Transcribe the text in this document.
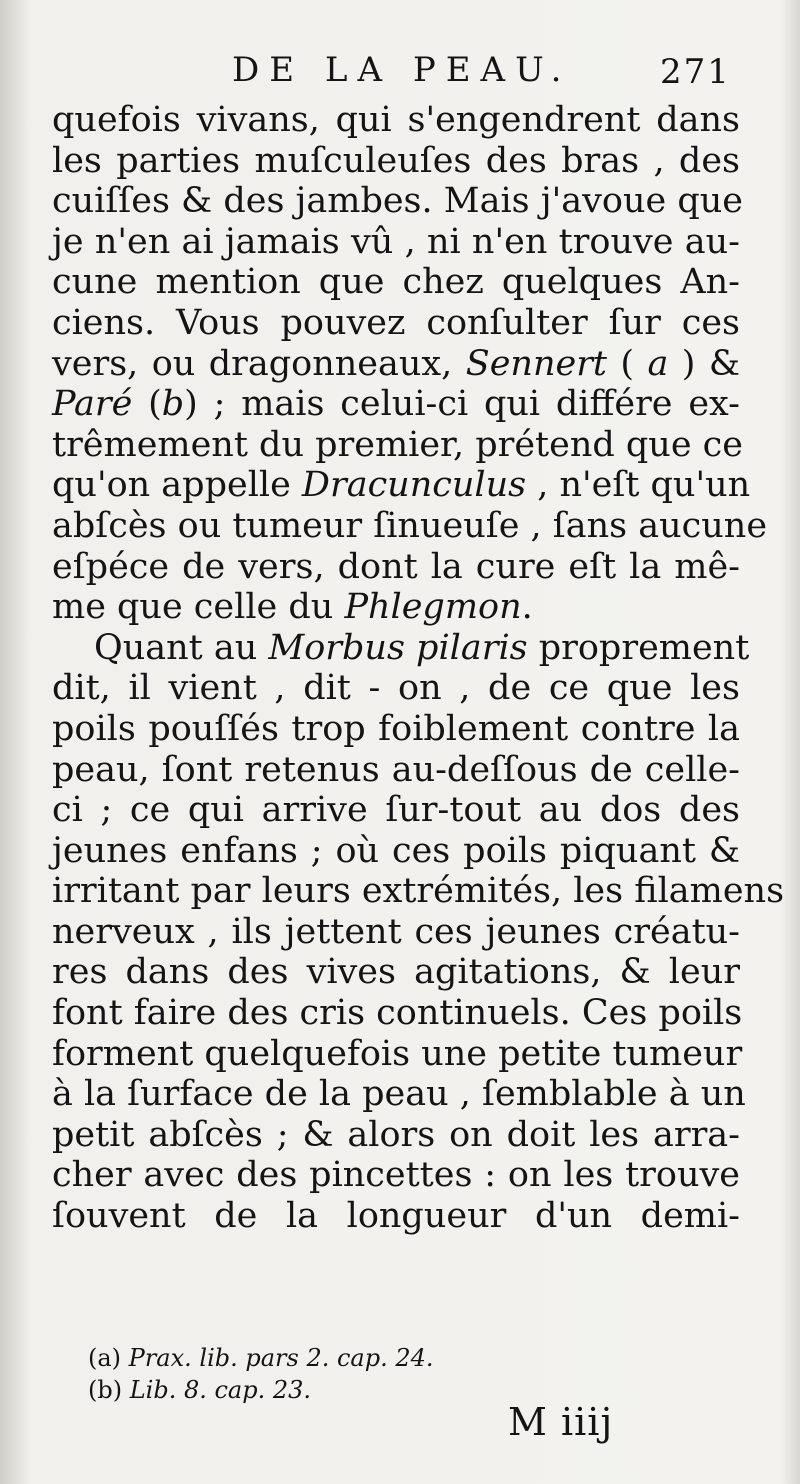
DE LA PEAU.	271
quefois vivans, qui s'engendrent dans
les parties muſculeuſes des bras , des
cuiſſes & des jambes. Mais j'avoue que
je n'en ai jamais vû , ni n'en trouve au-
cune mention que chez quelques An-
ciens. Vous pouvez conſulter ſur ces
vers, ou dragonneaux, Sennert ( a ) &
Paré (b) ; mais celui-ci qui différe ex-
trêmement du premier, prétend que ce
qu'on appelle Dracunculus , n'eſt qu'un
abſcès ou tumeur ſinueuſe , ſans aucune
eſpéce de vers, dont la cure eſt la mê-
me que celle du Phlegmon.
Quant au Morbus pilaris proprement
dit, il vient , dit - on , de ce que les
poils pouſſés trop foiblement contre la
peau, ſont retenus au-deſſous de celle-
ci ; ce qui arrive ſur-tout au dos des
jeunes enfans ; où ces poils piquant &
irritant par leurs extrémités, les filamens
nerveux , ils jettent ces jeunes créatu-
res dans des vives agitations, & leur
font faire des cris continuels. Ces poils
forment quelquefois une petite tumeur
à la ſurface de la peau , ſemblable à un
petit abſcès ; & alors on doit les arra-
cher avec des pincettes : on les trouve
ſouvent de la longueur d'un demi-
(a) Prax. lib. pars 2. cap. 24.
(b) Lib. 8. cap. 23.
M iiij
